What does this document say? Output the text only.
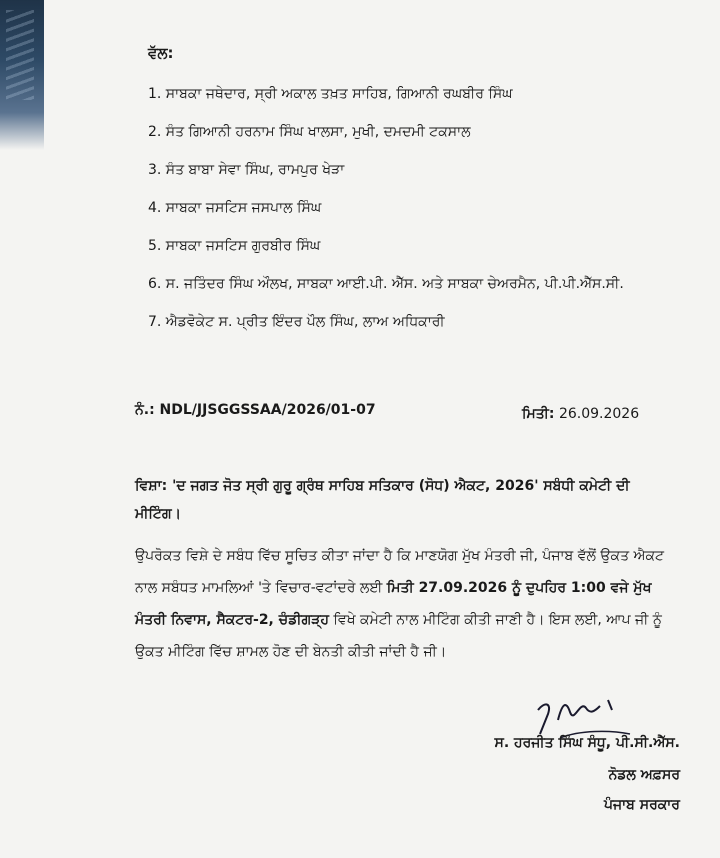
ਵੱਲ:
1. ਸਾਬਕਾ ਜਥੇਦਾਰ, ਸ੍ਰੀ ਅਕਾਲ ਤਖ਼ਤ ਸਾਹਿਬ, ਗਿਆਨੀ ਰਘਬੀਰ ਸਿੰਘ
2. ਸੰਤ ਗਿਆਨੀ ਹਰਨਾਮ ਸਿੰਘ ਖਾਲਸਾ, ਮੁਖੀ, ਦਮਦਮੀ ਟਕਸਾਲ
3. ਸੰਤ ਬਾਬਾ ਸੇਵਾ ਸਿੰਘ, ਰਾਮਪੁਰ ਖੇੜਾ
4. ਸਾਬਕਾ ਜਸਟਿਸ ਜਸਪਾਲ ਸਿੰਘ
5. ਸਾਬਕਾ ਜਸਟਿਸ ਗੁਰਬੀਰ ਸਿੰਘ
6. ਸ. ਜਤਿੰਦਰ ਸਿੰਘ ਔਲਖ, ਸਾਬਕਾ ਆਈ.ਪੀ. ਐੱਸ. ਅਤੇ ਸਾਬਕਾ ਚੇਅਰਮੈਨ, ਪੀ.ਪੀ.ਐੱਸ.ਸੀ.
7. ਐਡਵੋਕੇਟ ਸ. ਪ੍ਰੀਤ ਇੰਦਰ ਪੌਲ ਸਿੰਘ, ਲਾਅ ਅਧਿਕਾਰੀ
ਨੰ.: NDL/JJSGGSSAA/2026/01-07	ਮਿਤੀ: 26.09.2026
ਵਿਸ਼ਾ: 'ਦ ਜਗਤ ਜੋਤ ਸ੍ਰੀ ਗੁਰੂ ਗ੍ਰੰਥ ਸਾਹਿਬ ਸਤਿਕਾਰ (ਸੋਧ) ਐਕਟ, 2026' ਸਬੰਧੀ ਕਮੇਟੀ ਦੀ ਮੀਟਿੰਗ।
ਉਪਰੋਕਤ ਵਿਸ਼ੇ ਦੇ ਸਬੰਧ ਵਿੱਚ ਸੂਚਿਤ ਕੀਤਾ ਜਾਂਦਾ ਹੈ ਕਿ ਮਾਣਯੋਗ ਮੁੱਖ ਮੰਤਰੀ ਜੀ, ਪੰਜਾਬ ਵੱਲੋਂ ਉਕਤ ਐਕਟ ਨਾਲ ਸਬੰਧਤ ਮਾਮਲਿਆਂ 'ਤੇ ਵਿਚਾਰ-ਵਟਾਂਦਰੇ ਲਈ ਮਿਤੀ 27.09.2026 ਨੂੰ ਦੁਪਹਿਰ 1:00 ਵਜੇ ਮੁੱਖ ਮੰਤਰੀ ਨਿਵਾਸ, ਸੈਕਟਰ-2, ਚੰਡੀਗੜ੍ਹ ਵਿਖੇ ਕਮੇਟੀ ਨਾਲ ਮੀਟਿੰਗ ਕੀਤੀ ਜਾਣੀ ਹੈ। ਇਸ ਲਈ, ਆਪ ਜੀ ਨੂੰ ਉਕਤ ਮੀਟਿੰਗ ਵਿੱਚ ਸ਼ਾਮਲ ਹੋਣ ਦੀ ਬੇਨਤੀ ਕੀਤੀ ਜਾਂਦੀ ਹੈ ਜੀ।
ਸ. ਹਰਜੀਤ ਸਿੰਘ ਸੰਧੂ, ਪੀ.ਸੀ.ਐੱਸ.
ਨੋਡਲ ਅਫ਼ਸਰ
ਪੰਜਾਬ ਸਰਕਾਰ
